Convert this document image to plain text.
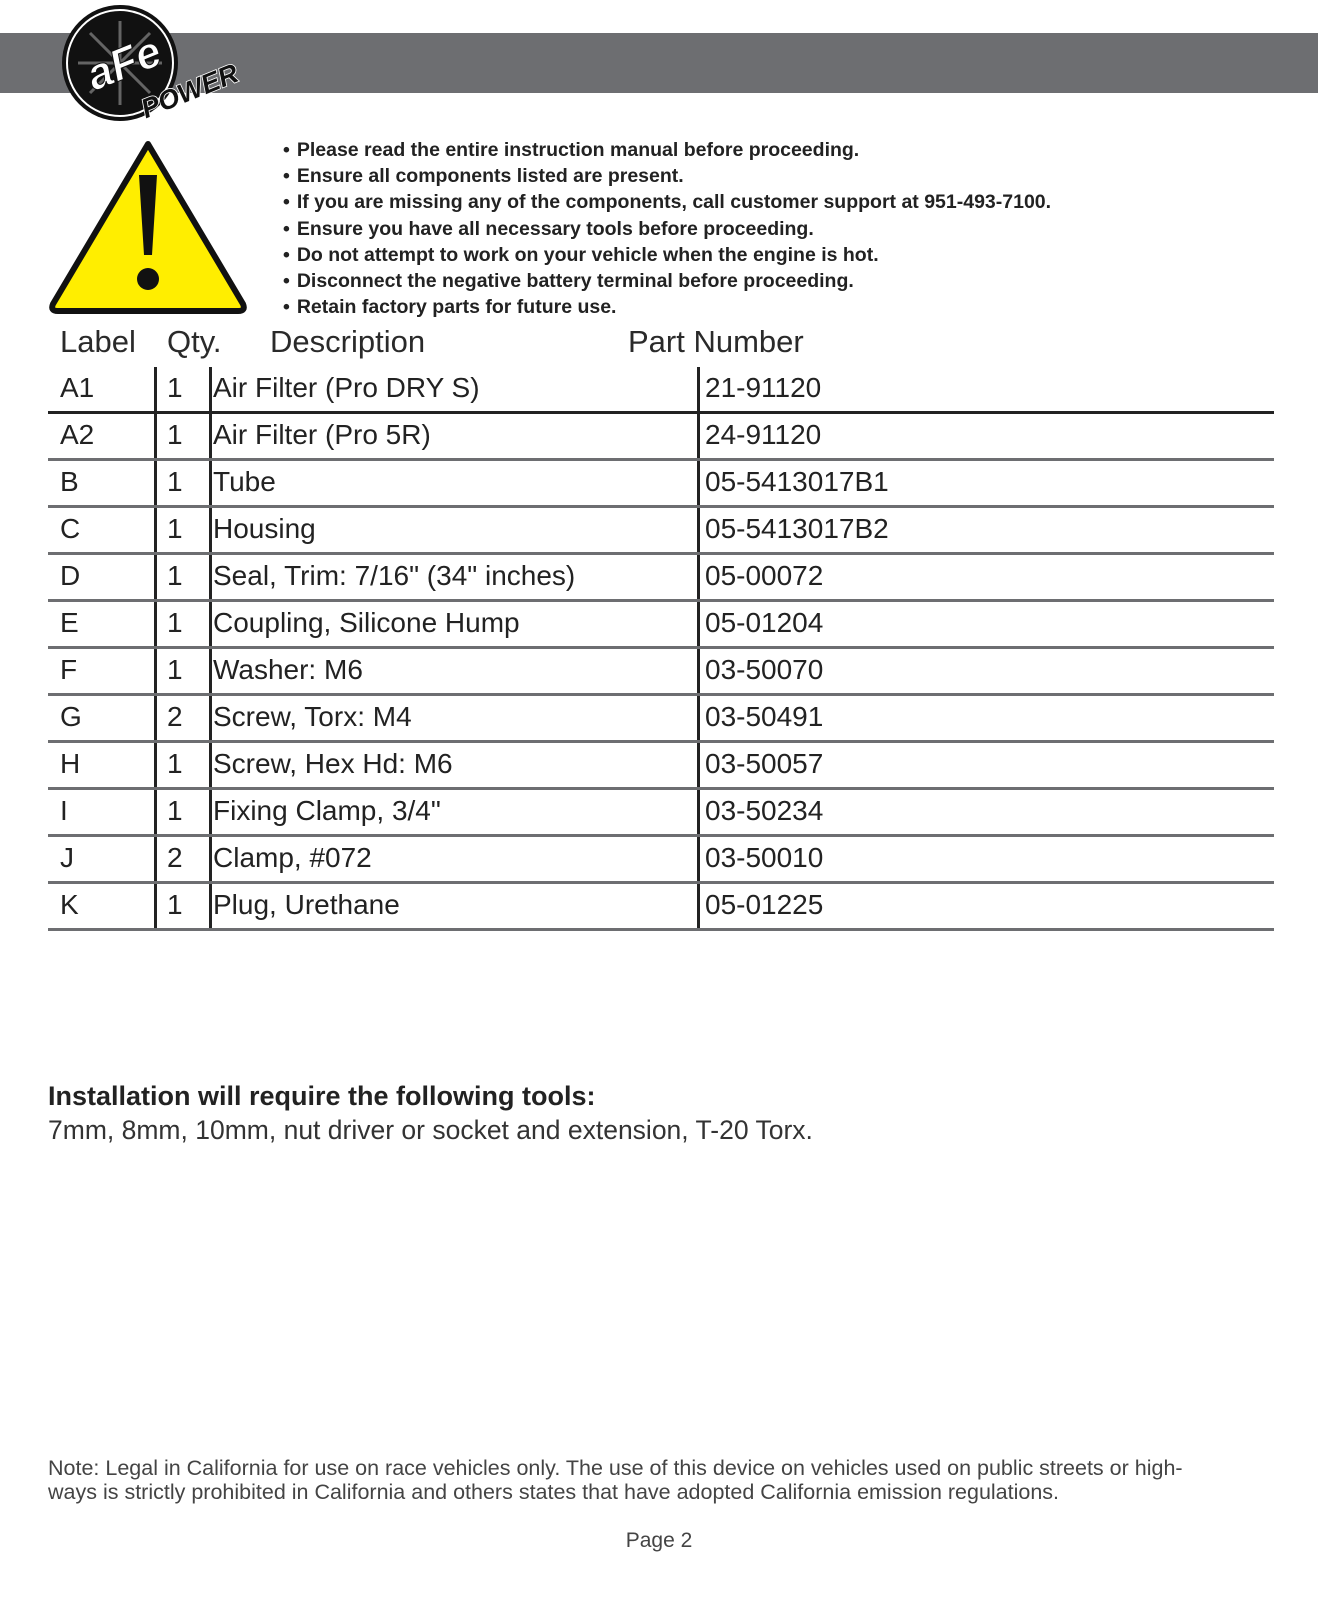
aFe
POWER
• Please read the entire instruction manual before proceeding.
• Ensure all components listed are present.
• If you are missing any of the components, call customer support at 951-493-7100.
• Ensure you have all necessary tools before proceeding.
• Do not attempt to work on your vehicle when the engine is hot.
• Disconnect the negative battery terminal before proceeding.
• Retain factory parts for future use.
Label Qty. Description	Part Number
A1	1 Air Filter (Pro DRY S)	21-91120
A2	1 Air Filter (Pro 5R)	24-91120
B	1 Tube	05-5413017B1
C	1 Housing	05-5413017B2
D	1 Seal, Trim: 7/16" (34" inches)	05-00072
E	1 Coupling, Silicone Hump	05-01204
F	1 Washer: M6	03-50070
G	2 Screw, Torx: M4	03-50491
H	1 Screw, Hex Hd: M6	03-50057
I	1 Fixing Clamp, 3/4"	03-50234
J	2 Clamp, #072	03-50010
K	1 Plug, Urethane	05-01225
Installation will require the following tools:
7mm, 8mm, 10mm, nut driver or socket and extension, T-20 Torx.
Note: Legal in California for use on race vehicles only. The use of this device on vehicles used on public streets or high-
ways is strictly prohibited in California and others states that have adopted California emission regulations.
Page 2
